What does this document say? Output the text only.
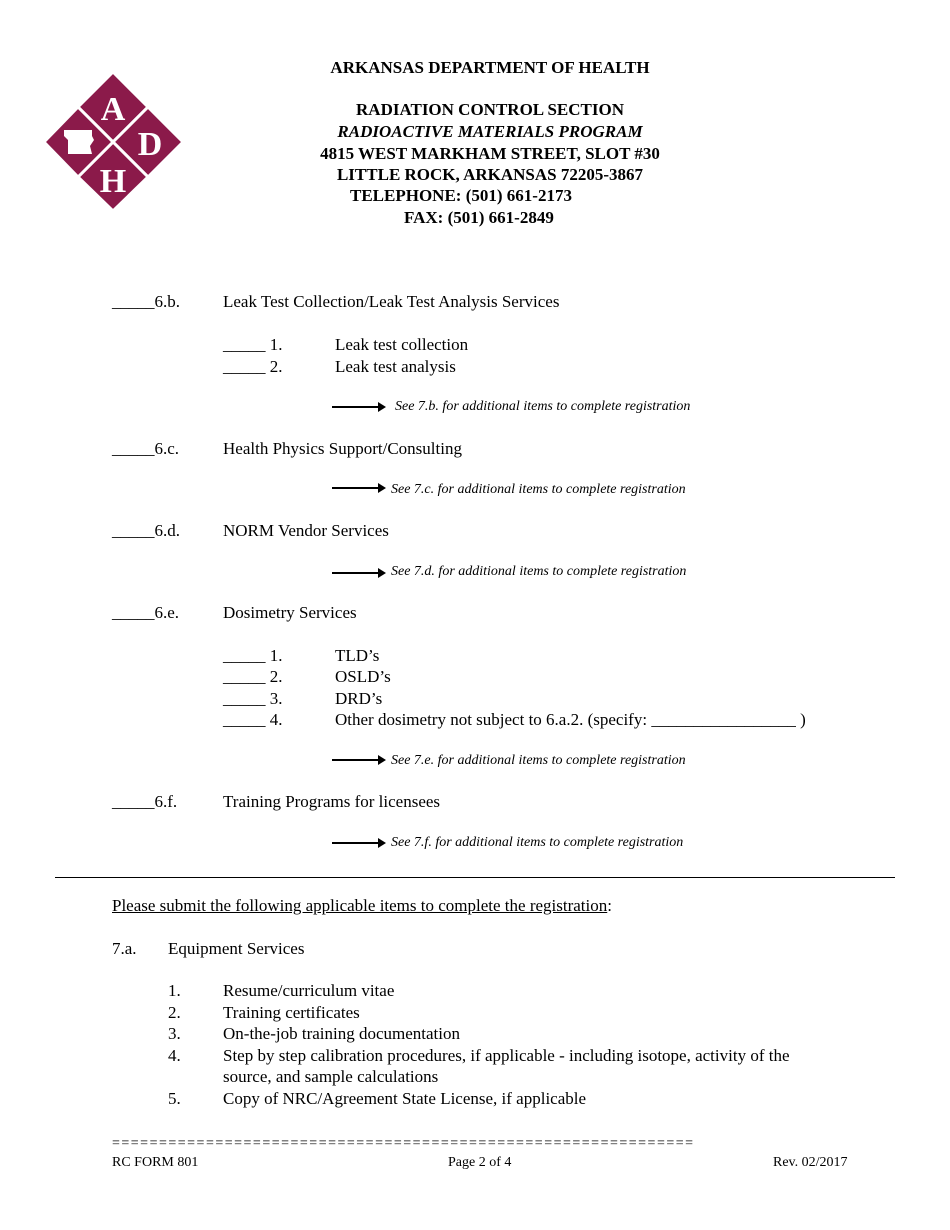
A
D
H
ARKANSAS DEPARTMENT OF HEALTH
RADIATION CONTROL SECTION
RADIOACTIVE MATERIALS PROGRAM
4815 WEST MARKHAM STREET, SLOT #30
LITTLE ROCK, ARKANSAS 72205-3867
TELEPHONE: (501) 661-2173
FAX: (501) 661-2849
_____6.b.	Leak Test Collection/Leak Test Analysis Services
_____ 1.	Leak test collection
_____ 2.	Leak test analysis
See 7.b. for additional items to complete registration
_____6.c.	Health Physics Support/Consulting
See 7.c. for additional items to complete registration
_____6.d.	NORM Vendor Services
See 7.d. for additional items to complete registration
_____6.e.	Dosimetry Services
_____ 1.	TLD’s
_____ 2.	OSLD’s
_____ 3.	DRD’s
_____ 4.	Other dosimetry not subject to 6.a.2. (specify: _________________ )
See 7.e. for additional items to complete registration
_____6.f.	Training Programs for licensees
See 7.f. for additional items to complete registration
Please submit the following applicable items to complete the registration:
7.a. Equipment Services
1. Resume/curriculum vitae
2. Training certificates
3. On-the-job training documentation
4. Step by step calibration procedures, if applicable - including isotope, activity of the
source, and sample calculations
5. Copy of NRC/Agreement State License, if applicable
==============================================================
RC FORM 801	Page 2 of 4	Rev. 02/2017
